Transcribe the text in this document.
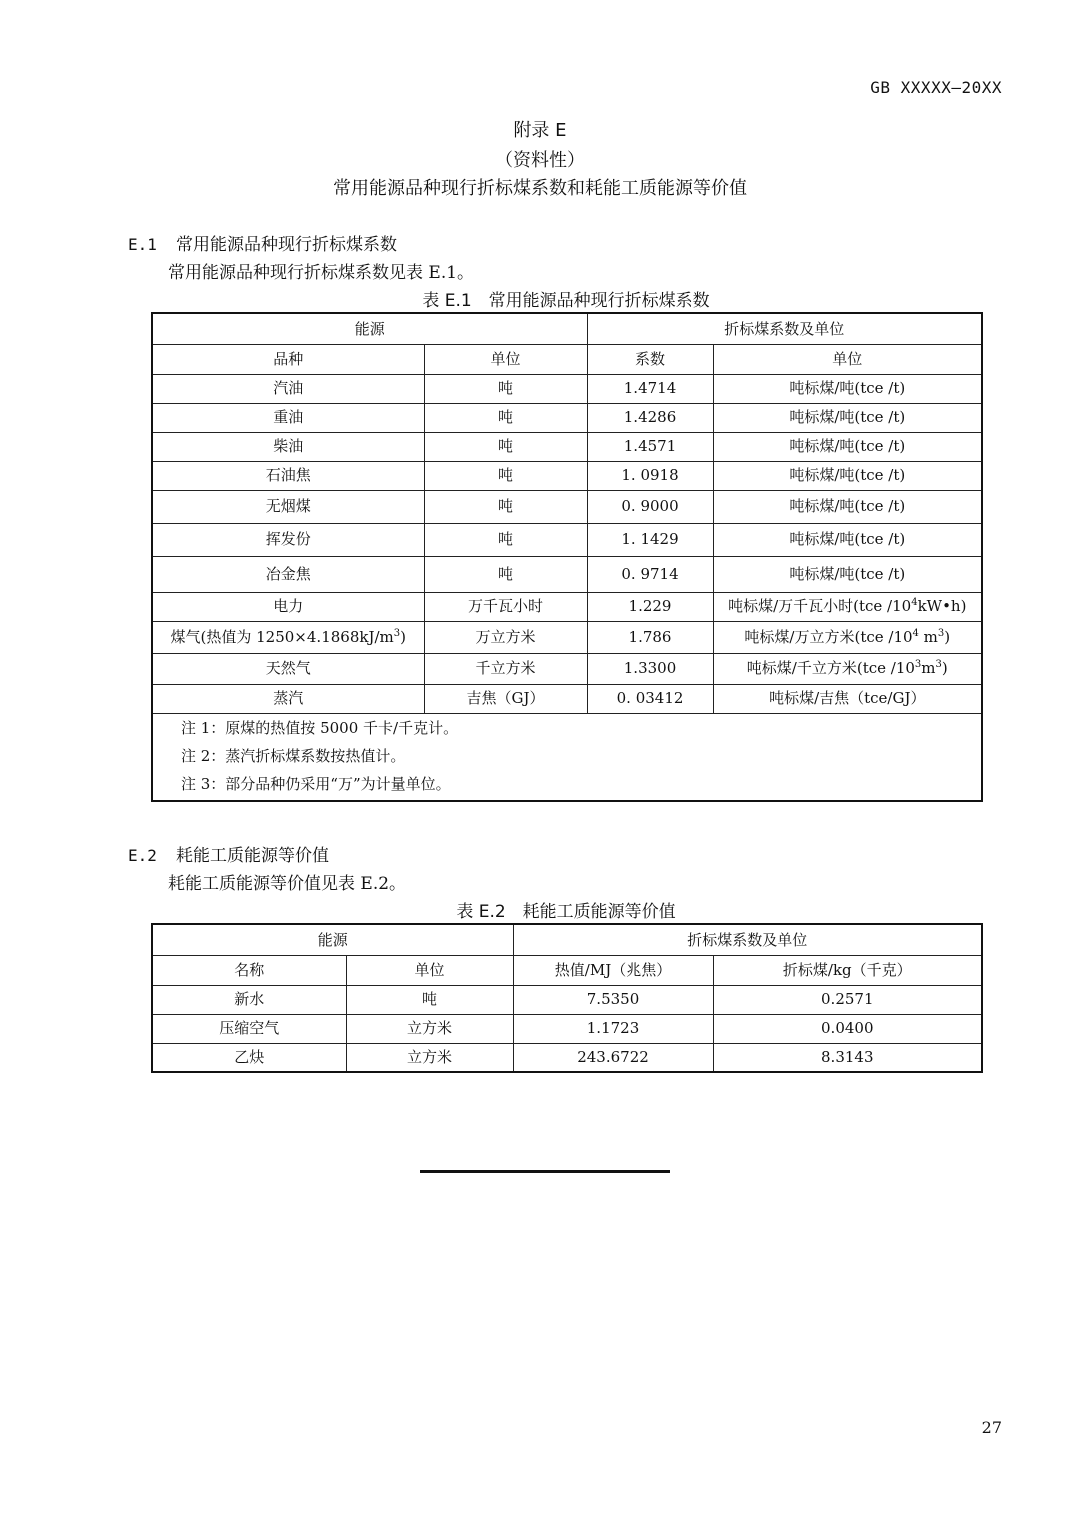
GB XXXXX—20XX
附录 E
（资料性）
常用能源品种现行折标煤系数和耗能工质能源等价值
E.1 常用能源品种现行折标煤系数
常用能源品种现行折标煤系数见表 E.1。
表 E.1　常用能源品种现行折标煤系数
能源		折标煤系数及单位	
品种	单位	系数	单位
汽油	吨	1.4714	吨标煤/吨(tce /t)
重油	吨	1.4286	吨标煤/吨(tce /t)
柴油	吨	1.4571	吨标煤/吨(tce /t)
石油焦	吨	1. 0918	吨标煤/吨(tce /t)
无烟煤	吨	0. 9000	吨标煤/吨(tce /t)
挥发份	吨	1. 1429	吨标煤/吨(tce /t)
冶金焦	吨	0. 9714	吨标煤/吨(tce /t)
电力	万千瓦小时	1.229	吨标煤/万千瓦小时(tce $/10^4kW•h$)
煤气(热值为 $1250\times 4.1868kJ/m^3$)	万立方米	1.786	吨标煤/万立方米(tce $/10^4$ $m^3$)
天然气	千立方米	1.3300	吨标煤/千立方米(tce $/10^3m^3$)
蒸汽	吉焦（GJ）	0. 03412	吨标煤/吉焦（tce/GJ）

注 1：原煤的热值按 5000 千卡/千克计。
注 2：蒸汽折标煤系数按热值计。
注 3：部分品种仍采用“万”为计量单位。			
E.2 耗能工质能源等价值
耗能工质能源等价值见表 E.2。
表 E.2　耗能工质能源等价值
能源		折标煤系数及单位	
名称	单位	热值/MJ（兆焦）	折标煤/kg（千克）
新水	吨	7.5350	0.2571
压缩空气	立方米	1.1723	0.0400
乙炔	立方米	243.6722	8.3143
27
